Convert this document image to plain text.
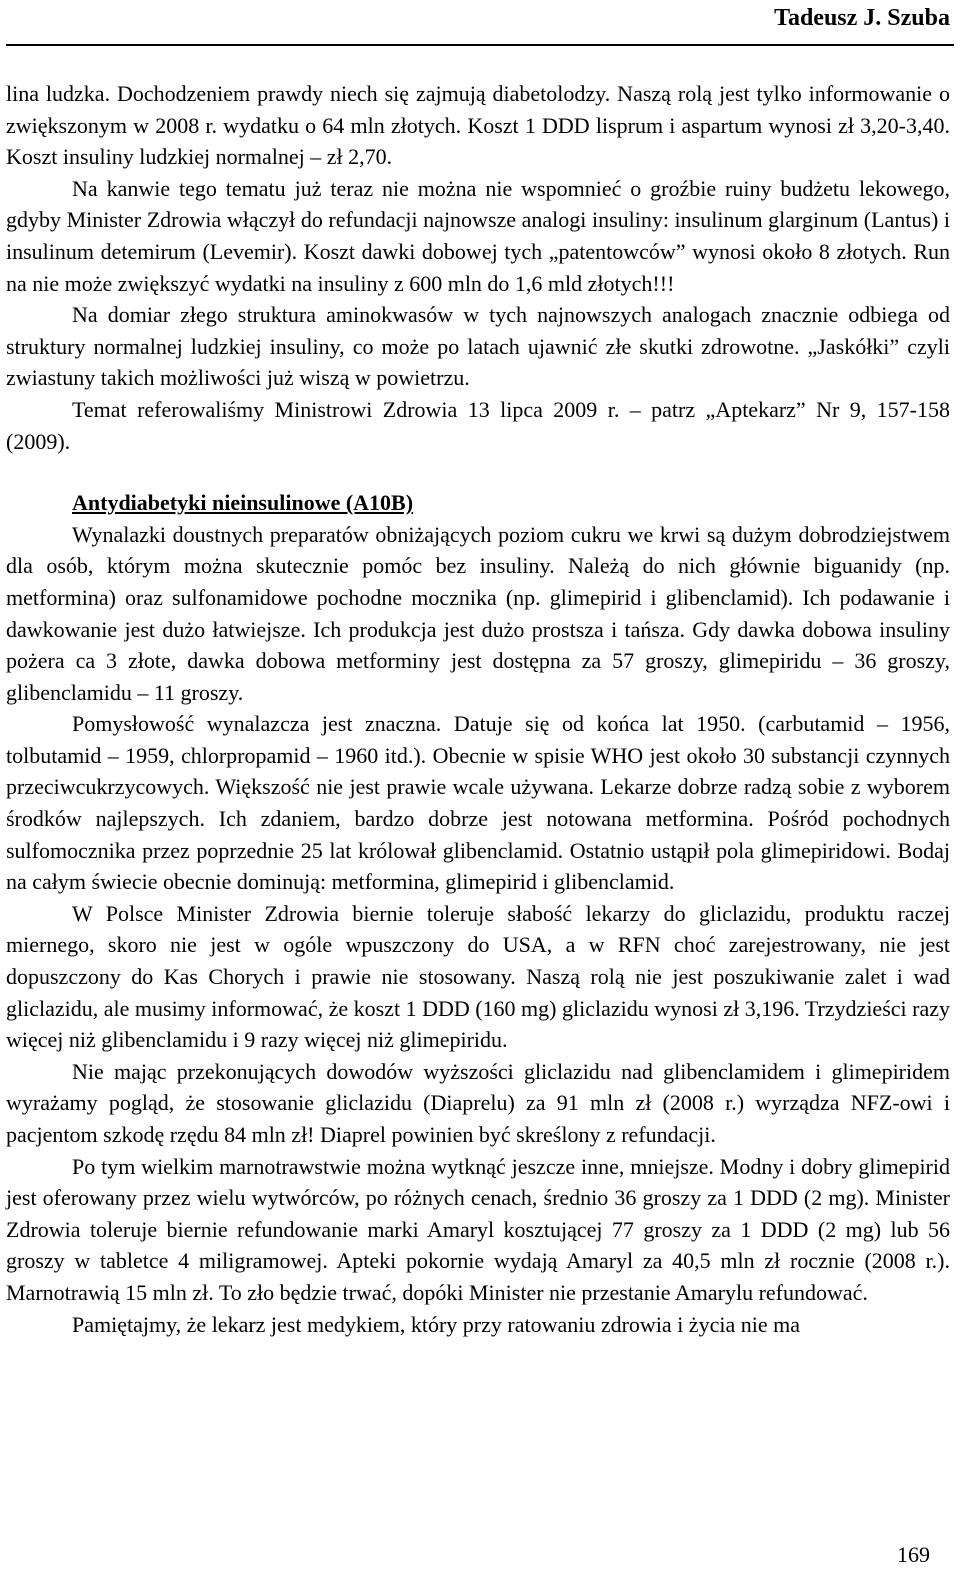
Tadeusz J. Szuba

lina ludzka. Dochodzeniem prawdy niech się zajmują diabetolodzy. Naszą rolą jest tylko informowanie o zwiększonym w 2008 r. wydatku o 64 mln złotych. Koszt 1 DDD lisprum i aspartum wynosi zł 3,20-3,40. Koszt insuliny ludzkiej normalnej – zł 2,70.

Na kanwie tego tematu już teraz nie można nie wspomnieć o groźbie ruiny budżetu lekowego, gdyby Minister Zdrowia włączył do refundacji najnowsze analogi insuliny: insulinum glarginum (Lantus) i insulinum detemirum (Levemir). Koszt dawki dobowej tych „patentowców” wynosi około 8 złotych. Run na nie może zwiększyć wydatki na insuliny z 600 mln do 1,6 mld złotych!!!

Na domiar złego struktura aminokwasów w tych najnowszych analogach znacznie odbiega od struktury normalnej ludzkiej insuliny, co może po latach ujawnić złe skutki zdrowotne. „Jaskółki” czyli zwiastuny takich możliwości już wiszą w powietrzu.

Temat referowaliśmy Ministrowi Zdrowia 13 lipca 2009 r. – patrz „Aptekarz” Nr 9, 157-158 (2009).

Antydiabetyki nieinsulinowe (A10B)

Wynalazki doustnych preparatów obniżających poziom cukru we krwi są dużym dobrodziejstwem dla osób, którym można skutecznie pomóc bez insuliny. Należą do nich głównie biguanidy (np. metformina) oraz sulfonamidowe pochodne mocznika (np. glimepirid i glibenclamid). Ich podawanie i dawkowanie jest dużo łatwiejsze. Ich produkcja jest dużo prostsza i tańsza. Gdy dawka dobowa insuliny pożera ca 3 złote, dawka dobowa metforminy jest dostępna za 57 groszy, glimepiridu – 36 groszy, glibenclamidu – 11 groszy.

Pomysłowość wynalazcza jest znaczna. Datuje się od końca lat 1950. (carbutamid – 1956, tolbutamid – 1959, chlorpropamid – 1960 itd.). Obecnie w spisie WHO jest około 30 substancji czynnych przeciwcukrzycowych. Większość nie jest prawie wcale używana. Lekarze dobrze radzą sobie z wyborem środków najlepszych. Ich zdaniem, bardzo dobrze jest notowana metformina. Pośród pochodnych sulfomocznika przez poprzednie 25 lat królował glibenclamid. Ostatnio ustąpił pola glimepiridowi. Bodaj na całym świecie obecnie dominują: metformina, glimepirid i glibenclamid.

W Polsce Minister Zdrowia biernie toleruje słabość lekarzy do gliclazidu, produktu raczej miernego, skoro nie jest w ogóle wpuszczony do USA, a w RFN choć zarejestrowany, nie jest dopuszczony do Kas Chorych i prawie nie stosowany. Naszą rolą nie jest poszukiwanie zalet i wad gliclazidu, ale musimy informować, że koszt 1 DDD (160 mg) gliclazidu wynosi zł 3,196. Trzydzieści razy więcej niż glibenclamidu i 9 razy więcej niż glimepiridu.

Nie mając przekonujących dowodów wyższości gliclazidu nad glibenclamidem i glimepiridem wyrażamy pogląd, że stosowanie gliclazidu (Diaprelu) za 91 mln zł (2008 r.) wyrządza NFZ-owi i pacjentom szkodę rzędu 84 mln zł! Diaprel powinien być skreślony z refundacji.

Po tym wielkim marnotrawstwie można wytknąć jeszcze inne, mniejsze. Modny i dobry glimepirid jest oferowany przez wielu wytwórców, po różnych cenach, średnio 36 groszy za 1 DDD (2 mg). Minister Zdrowia toleruje biernie refundowanie marki Amaryl kosztującej 77 groszy za 1 DDD (2 mg) lub 56 groszy w tabletce 4 miligramowej. Apteki pokornie wydają Amaryl za 40,5 mln zł rocznie (2008 r.). Marnotrawią 15 mln zł. To zło będzie trwać, dopóki Minister nie przestanie Amarylu refundować.

Pamiętajmy, że lekarz jest medykiem, który przy ratowaniu zdrowia i życia nie ma

169
